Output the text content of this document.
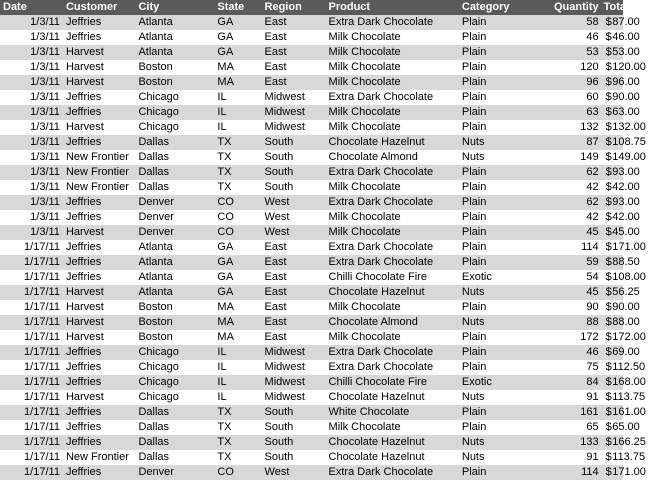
Date	Customer	City	State	Region	Product	Category	Quantity	Total Sales	
1/3/11	Jeffries	Atlanta	GA	East	Extra Dark Chocolate	Plain	58	$	87.00
1/3/11	Jeffries	Atlanta	GA	East	Milk Chocolate	Plain	46	$	46.00
1/3/11	Harvest	Atlanta	GA	East	Milk Chocolate	Plain	53	$	53.00
1/3/11	Harvest	Boston	MA	East	Milk Chocolate	Plain	120	$	120.00
1/3/11	Harvest	Boston	MA	East	Milk Chocolate	Plain	96	$	96.00
1/3/11	Jeffries	Chicago	IL	Midwest	Extra Dark Chocolate	Plain	60	$	90.00
1/3/11	Jeffries	Chicago	IL	Midwest	Milk Chocolate	Plain	63	$	63.00
1/3/11	Harvest	Chicago	IL	Midwest	Milk Chocolate	Plain	132	$	132.00
1/3/11	Jeffries	Dallas	TX	South	Chocolate Hazelnut	Nuts	87	$	108.75
1/3/11	New Frontier	Dallas	TX	South	Chocolate Almond	Nuts	149	$	149.00
1/3/11	New Frontier	Dallas	TX	South	Extra Dark Chocolate	Plain	62	$	93.00
1/3/11	New Frontier	Dallas	TX	South	Milk Chocolate	Plain	42	$	42.00
1/3/11	Jeffries	Denver	CO	West	Extra Dark Chocolate	Plain	62	$	93.00
1/3/11	Jeffries	Denver	CO	West	Milk Chocolate	Plain	42	$	42.00
1/3/11	Harvest	Denver	CO	West	Milk Chocolate	Plain	45	$	45.00
1/17/11	Jeffries	Atlanta	GA	East	Extra Dark Chocolate	Plain	114	$	171.00
1/17/11	Jeffries	Atlanta	GA	East	Extra Dark Chocolate	Plain	59	$	88.50
1/17/11	Jeffries	Atlanta	GA	East	Chilli Chocolate Fire	Exotic	54	$	108.00
1/17/11	Harvest	Atlanta	GA	East	Chocolate Hazelnut	Nuts	45	$	56.25
1/17/11	Harvest	Boston	MA	East	Milk Chocolate	Plain	90	$	90.00
1/17/11	Harvest	Boston	MA	East	Chocolate Almond	Nuts	88	$	88.00
1/17/11	Harvest	Boston	MA	East	Milk Chocolate	Plain	172	$	172.00
1/17/11	Jeffries	Chicago	IL	Midwest	Extra Dark Chocolate	Plain	46	$	69.00
1/17/11	Jeffries	Chicago	IL	Midwest	Extra Dark Chocolate	Plain	75	$	112.50
1/17/11	Jeffries	Chicago	IL	Midwest	Chilli Chocolate Fire	Exotic	84	$	168.00
1/17/11	Harvest	Chicago	IL	Midwest	Chocolate Hazelnut	Nuts	91	$	113.75
1/17/11	Jeffries	Dallas	TX	South	White Chocolate	Plain	161	$	161.00
1/17/11	Jeffries	Dallas	TX	South	Milk Chocolate	Plain	65	$	65.00
1/17/11	Jeffries	Dallas	TX	South	Chocolate Hazelnut	Nuts	133	$	166.25
1/17/11	New Frontier	Dallas	TX	South	Chocolate Hazelnut	Nuts	91	$	113.75
1/17/11	Jeffries	Denver	CO	West	Extra Dark Chocolate	Plain	114	$	171.00
